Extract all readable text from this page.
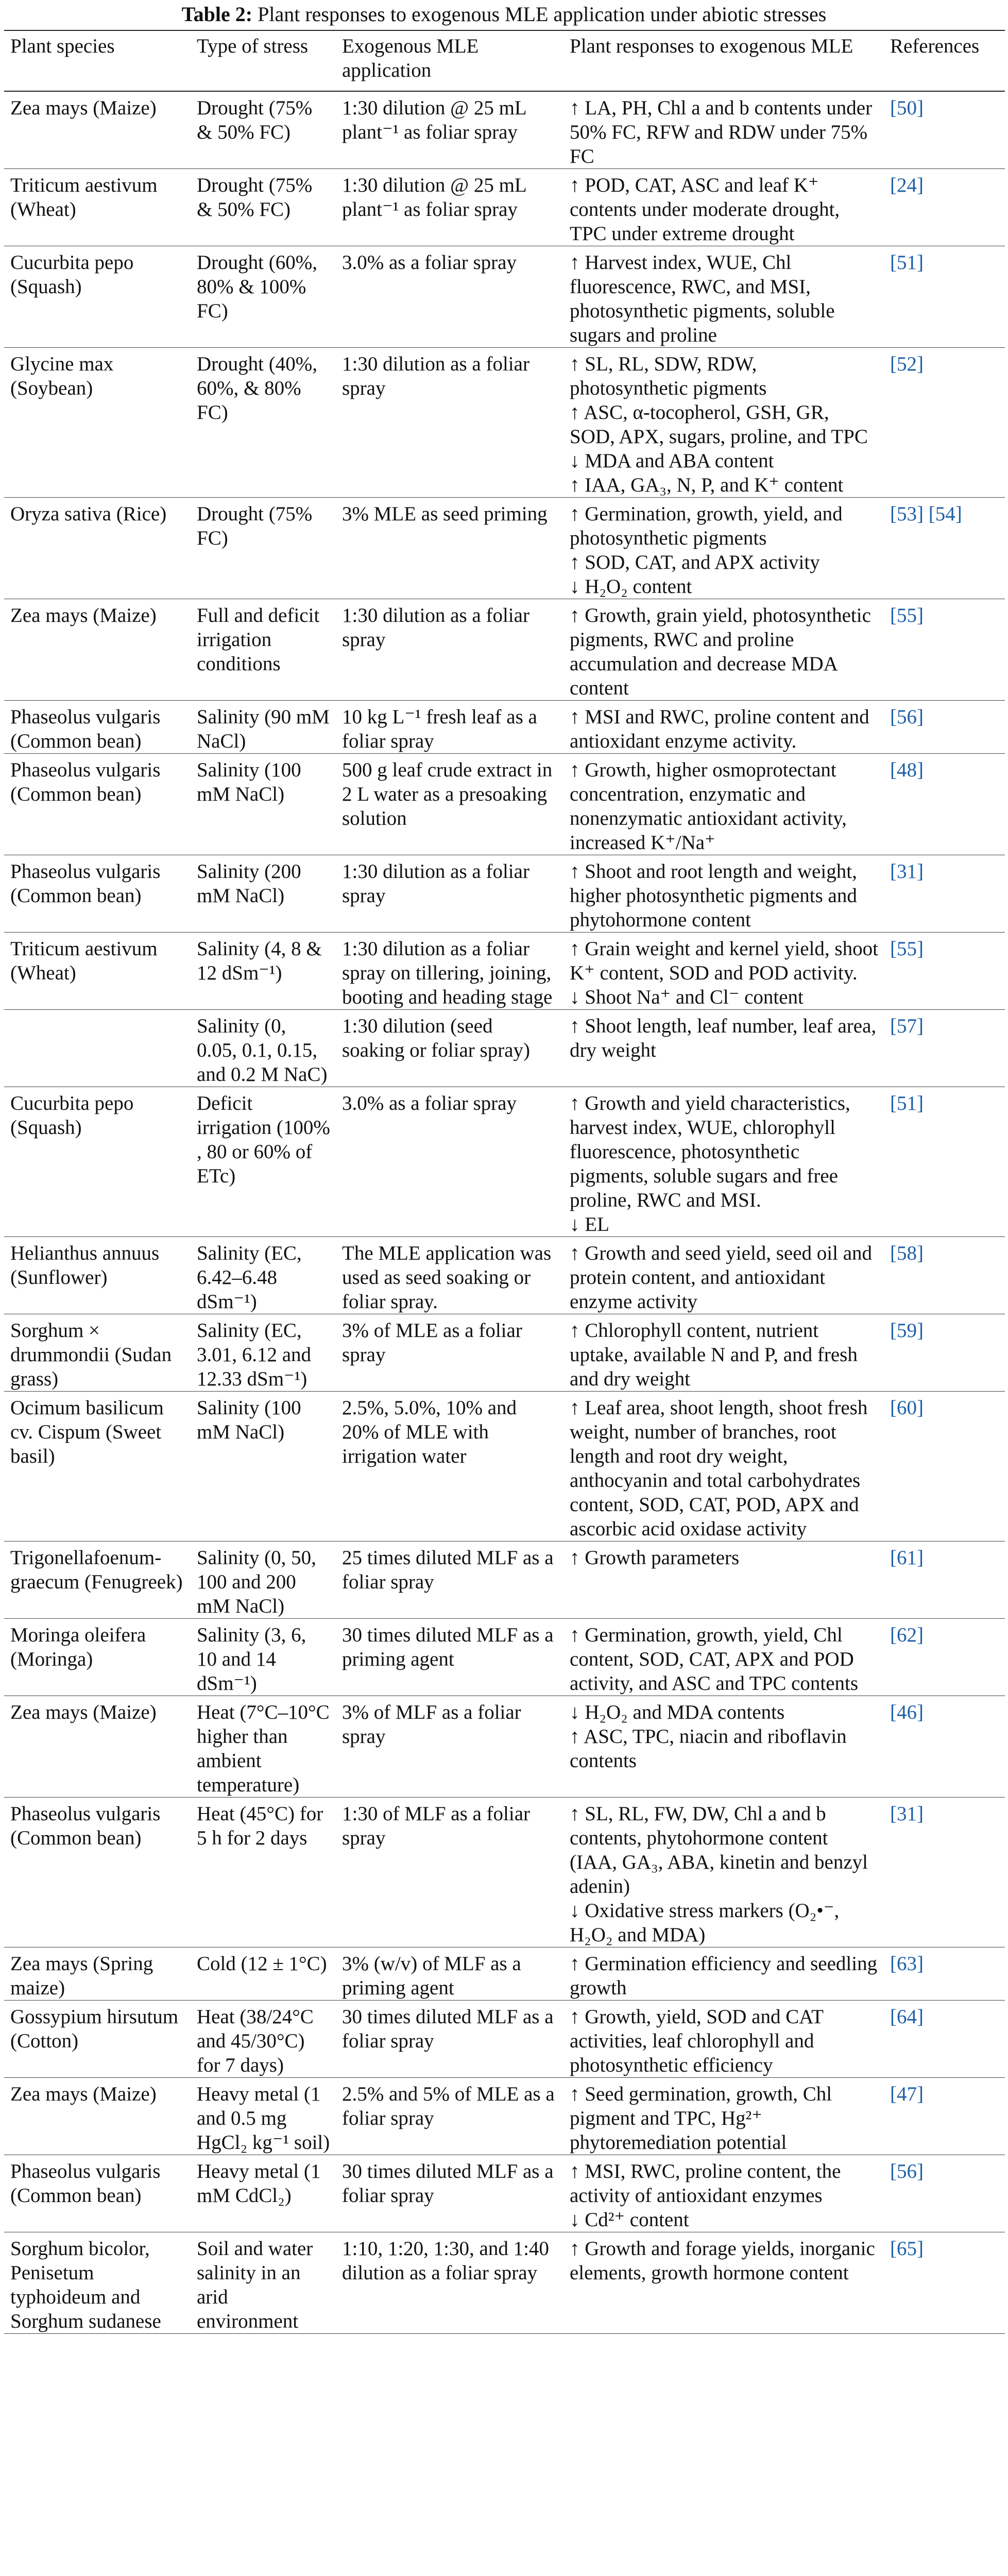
Table 2: Plant responses to exogenous MLE application under abiotic stresses
Plant species	Type of stress	Exogenous MLE application	Plant responses to exogenous MLE	References
Zea mays (Maize)	Drought (75% & 50% FC)	1:30 dilution @ 25 mL plant⁻¹ as foliar spray	↑ LA, PH, Chl a and b contents under 50% FC, RFW and RDW under 75% FC	[50]
Triticum aestivum (Wheat)	Drought (75% & 50% FC)	1:30 dilution @ 25 mL plant⁻¹ as foliar spray	↑ POD, CAT, ASC and leaf K⁺ contents under moderate drought, TPC under extreme drought	[24]
Cucurbita pepo (Squash)	Drought (60%, 80% & 100% FC)	3.0% as a foliar spray	↑ Harvest index, WUE, Chl fluorescence, RWC, and MSI, photosynthetic pigments, soluble sugars and proline	[51]
Glycine max (Soybean)	Drought (40%, 60%, & 80% FC)	1:30 dilution as a foliar spray	↑ SL, RL, SDW, RDW, photosynthetic pigments
↑ ASC, α-tocopherol, GSH, GR, SOD, APX, sugars, proline, and TPC
↓ MDA and ABA content
↑ IAA, GA₃, N, P, and K⁺ content	[52]
Oryza sativa (Rice)	Drought (75% FC)	3% MLE as seed priming	↑ Germination, growth, yield, and photosynthetic pigments
↑ SOD, CAT, and APX activity
↓ H₂O₂ content	[53] [54]
Zea mays (Maize)	Full and deficit irrigation conditions	1:30 dilution as a foliar spray	↑ Growth, grain yield, photosynthetic pigments, RWC and proline accumulation and decrease MDA content	[55]
Phaseolus vulgaris (Common bean)	Salinity (90 mM NaCl)	10 kg L⁻¹ fresh leaf as a foliar spray	↑ MSI and RWC, proline content and antioxidant enzyme activity.	[56]
Phaseolus vulgaris (Common bean)	Salinity (100 mM NaCl)	500 g leaf crude extract in 2 L water as a presoaking solution	↑ Growth, higher osmoprotectant concentration, enzymatic and nonenzymatic antioxidant activity, increased K⁺/Na⁺	[48]
Phaseolus vulgaris (Common bean)	Salinity (200 mM NaCl)	1:30 dilution as a foliar spray	↑ Shoot and root length and weight, higher photosynthetic pigments and phytohormone content	[31]
Triticum aestivum (Wheat)	Salinity (4, 8 & 12 dSm⁻¹)	1:30 dilution as a foliar spray on tillering, joining, booting and heading stage	↑ Grain weight and kernel yield, shoot K⁺ content, SOD and POD activity.
↓ Shoot Na⁺ and Cl⁻ content	[55]
	Salinity (0, 0.05, 0.1, 0.15, and 0.2 M NaC)	1:30 dilution (seed soaking or foliar spray)	↑ Shoot length, leaf number, leaf area, dry weight	[57]
Cucurbita pepo (Squash)	Deficit irrigation (100% , 80 or 60% of ETc)	3.0% as a foliar spray	↑ Growth and yield characteristics, harvest index, WUE, chlorophyll fluorescence, photosynthetic pigments, soluble sugars and free proline, RWC and MSI.
↓ EL	[51]
Helianthus annuus (Sunflower)	Salinity (EC, 6.42–6.48 dSm⁻¹)	The MLE application was used as seed soaking or foliar spray.	↑ Growth and seed yield, seed oil and protein content, and antioxidant enzyme activity	[58]
Sorghum × drummondii (Sudan grass)	Salinity (EC, 3.01, 6.12 and 12.33 dSm⁻¹)	3% of MLE as a foliar spray	↑ Chlorophyll content, nutrient uptake, available N and P, and fresh and dry weight	[59]
Ocimum basilicum cv. Cispum (Sweet basil)	Salinity (100 mM NaCl)	2.5%, 5.0%, 10% and 20% of MLE with irrigation water	↑ Leaf area, shoot length, shoot fresh weight, number of branches, root length and root dry weight, anthocyanin and total carbohydrates content, SOD, CAT, POD, APX and ascorbic acid oxidase activity	[60]
Trigonellafoenum-graecum (Fenugreek)	Salinity (0, 50, 100 and 200 mM NaCl)	25 times diluted MLF as a foliar spray	↑ Growth parameters	[61]
Moringa oleifera (Moringa)	Salinity (3, 6, 10 and 14 dSm⁻¹)	30 times diluted MLF as a priming agent	↑ Germination, growth, yield, Chl content, SOD, CAT, APX and POD activity, and ASC and TPC contents	[62]
Zea mays (Maize)	Heat (7°C–10°C higher than ambient temperature)	3% of MLF as a foliar spray	↓ H₂O₂ and MDA contents
↑ ASC, TPC, niacin and riboflavin contents	[46]
Phaseolus vulgaris (Common bean)	Heat (45°C) for 5 h for 2 days	1:30 of MLF as a foliar spray	↑ SL, RL, FW, DW, Chl a and b contents, phytohormone content (IAA, GA₃, ABA, kinetin and benzyl adenin)
↓ Oxidative stress markers (O₂•⁻, H₂O₂ and MDA)	[31]
Zea mays (Spring maize)	Cold (12 ± 1°C)	3% (w/v) of MLF as a priming agent	↑ Germination efficiency and seedling growth	[63]
Gossypium hirsutum (Cotton)	Heat (38/24°C and 45/30°C) for 7 days)	30 times diluted MLF as a foliar spray	↑ Growth, yield, SOD and CAT activities, leaf chlorophyll and photosynthetic efficiency	[64]
Zea mays (Maize)	Heavy metal (1 and 0.5 mg HgCl₂ kg⁻¹ soil)	2.5% and 5% of MLE as a foliar spray	↑ Seed germination, growth, Chl pigment and TPC, Hg²⁺ phytoremediation potential	[47]
Phaseolus vulgaris (Common bean)	Heavy metal (1 mM CdCl₂)	30 times diluted MLF as a foliar spray	↑ MSI, RWC, proline content, the activity of antioxidant enzymes
↓ Cd²⁺ content	[56]
Sorghum bicolor, Penisetum typhoideum and Sorghum sudanese	Soil and water salinity in an arid environment	1:10, 1:20, 1:30, and 1:40 dilution as a foliar spray	↑ Growth and forage yields, inorganic elements, growth hormone content	[65]
